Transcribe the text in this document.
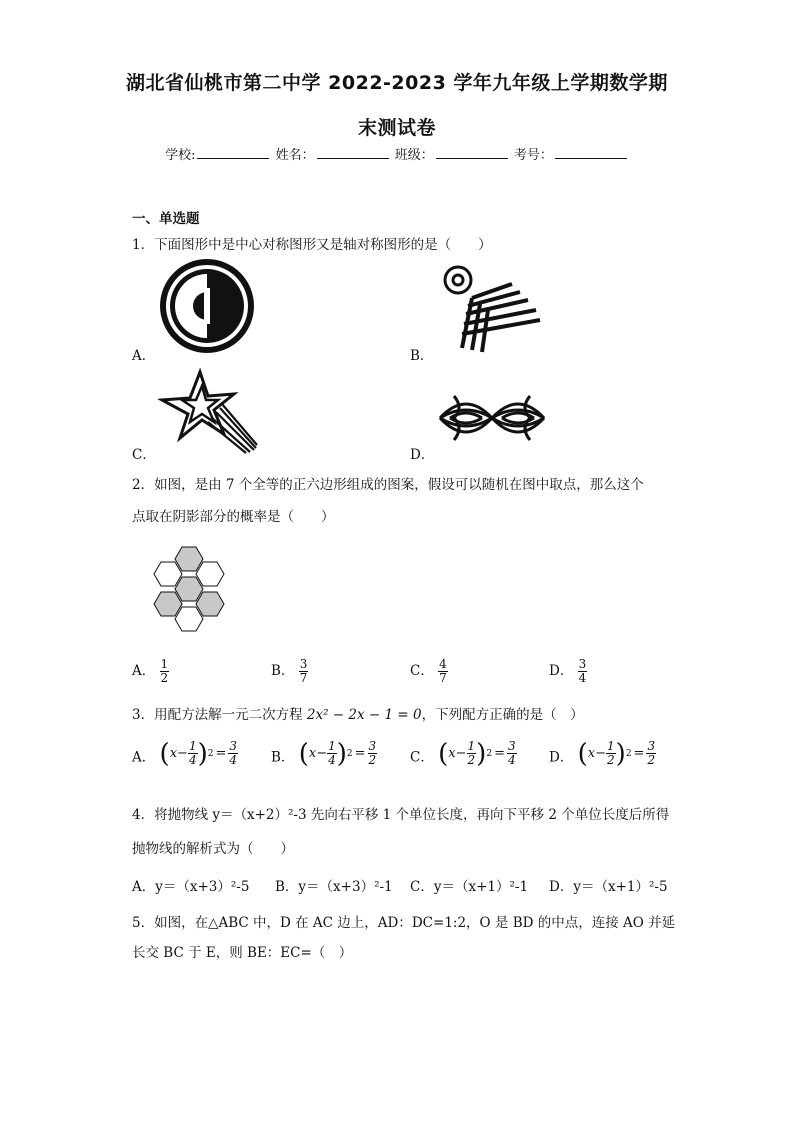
湖北省仙桃市第二中学 2022-2023 学年九年级上学期数学期
末测试卷
学校:	姓名：	班级：	考号：
一、单选题
1．下面图形中是中心对称图形又是轴对称图形的是（　　）
A．	B．
C．	D．
2．如图，是由 7 个全等的正六边形组成的图案，假设可以随机在图中取点，那么这个
点取在阴影部分的概率是（　　）
A． $\frac{1}{2}$	B． $\frac{3}{7}$	C． $\frac{4}{7}$	D． $\frac{3}{4}$
3．用配方法解一元二次方程 2x² − 2x − 1 = 0，下列配方正确的是（　）
A． ( $x- \frac{1}{4}$ ) $2 = \frac{3}{4}$ B． ( $x- \frac{1}{4}$ ) $2 = \frac{3}{2}$ C． ( $x- \frac{1}{2}$ ) $2 = \frac{3}{4}$ D． ( $x- \frac{1}{2}$ ) $2 = \frac{3}{2}$
4．将抛物线 y＝（x+2）²-3 先向右平移 1 个单位长度，再向下平移 2 个单位长度后所得
抛物线的解析式为（　　）
A．y＝（x+3）²-5 B．y＝（x+3）²-1 C．y＝（x+1）²-1 D．y＝（x+1）²-5
5．如图，在△ABC 中，D 在 AC 边上，AD：DC=1:2，O 是 BD 的中点，连接 AO 并延
长交 BC 于 E，则 BE：EC=（　）
